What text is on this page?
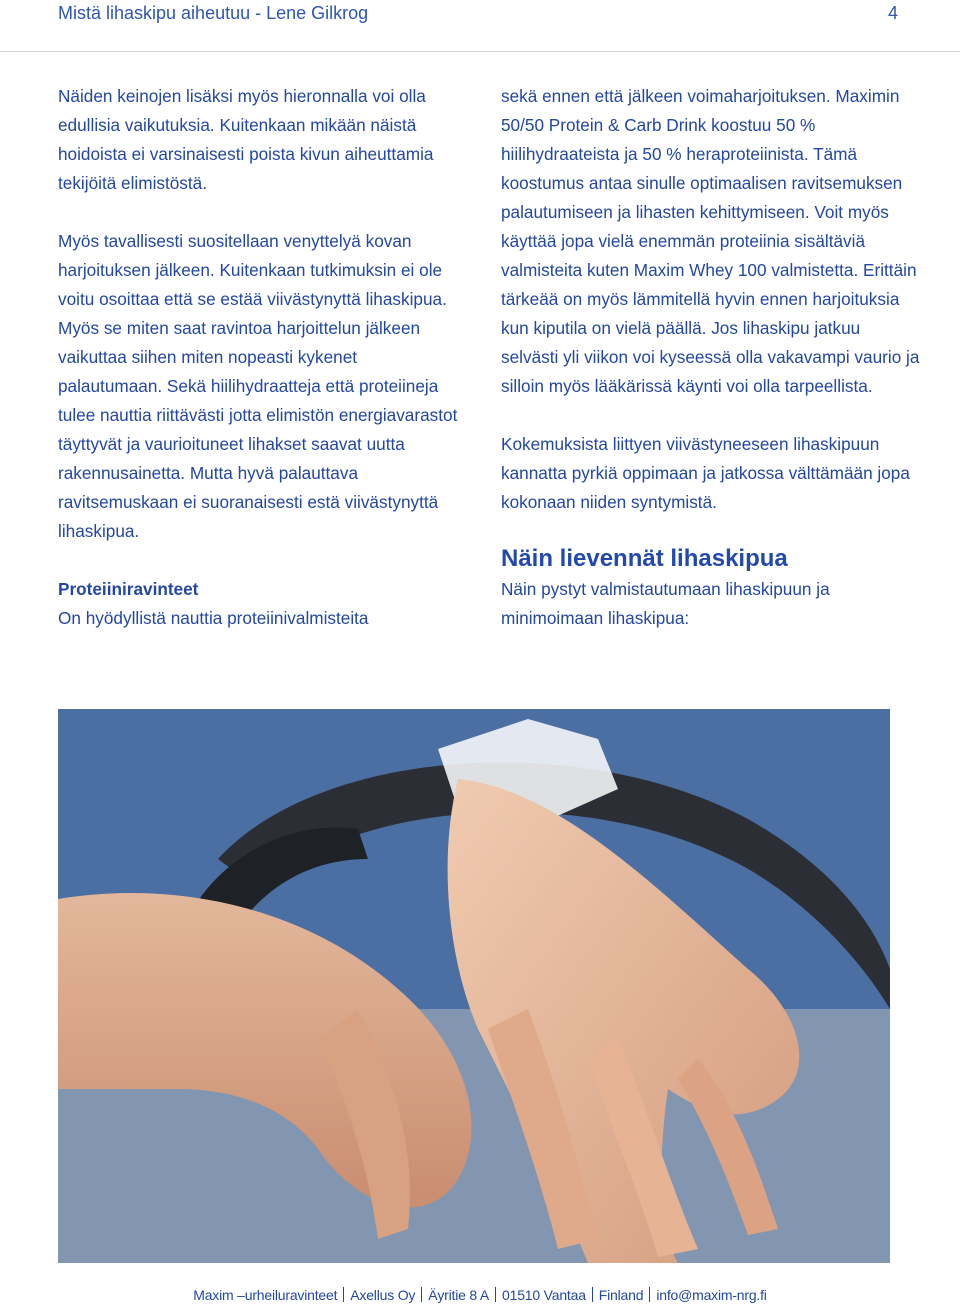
Mistä lihaskipu aiheutuu - Lene Gilkrog	4

Näiden keinojen lisäksi myös hieronnalla voi olla edullisia vaikutuksia. Kuitenkaan mikään näistä hoidoista ei varsinaisesti poista kivun aiheuttamia tekijöitä elimistöstä.

Myös tavallisesti suositellaan venyttelyä kovan harjoituksen jälkeen. Kuitenkaan tutkimuksin ei ole voitu osoittaa että se estää viivästynyttä lihaskipua. Myös se miten saat ravintoa harjoittelun jälkeen vaikuttaa siihen miten nopeasti kykenet palautumaan. Sekä hiilihydraatteja että proteiineja tulee nauttia riittävästi jotta elimistön energiavarastot täyttyvät ja vaurioituneet lihakset saavat uutta rakennusainetta. Mutta hyvä palauttava ravitsemuskaan ei suoranaisesti estä viivästynyttä lihaskipua.

Proteiiniravinteet

On hyödyllistä nauttia proteiinivalmisteita

sekä ennen että jälkeen voimaharjoituksen. Maximin 50/50 Protein & Carb Drink koostuu 50 % hiilihydraateista ja 50 % heraproteiinista. Tämä koostumus antaa sinulle optimaalisen ravitsemuksen palautumiseen ja lihasten kehittymiseen. Voit myös käyttää jopa vielä enemmän proteiinia sisältäviä valmisteita kuten Maxim Whey 100 valmistetta. Erittäin tärkeää on myös lämmitellä hyvin ennen harjoituksia kun kiputila on vielä päällä. Jos lihaskipu jatkuu selvästi yli viikon voi kyseessä olla vakavampi vaurio ja silloin myös lääkärissä käynti voi olla tarpeellista.

Kokemuksista liittyen viivästyneeseen lihaskipuun kannatta pyrkiä oppimaan ja jatkossa välttämään jopa kokonaan niiden syntymistä.

Näin lievennät lihaskipua

Näin pystyt valmistautumaan lihaskipuun ja minimoimaan lihaskipua:

Maxim –urheiluravinteet Axellus Oy Äyritie 8 A 01510 Vantaa Finland info@maxim-nrg.fi
